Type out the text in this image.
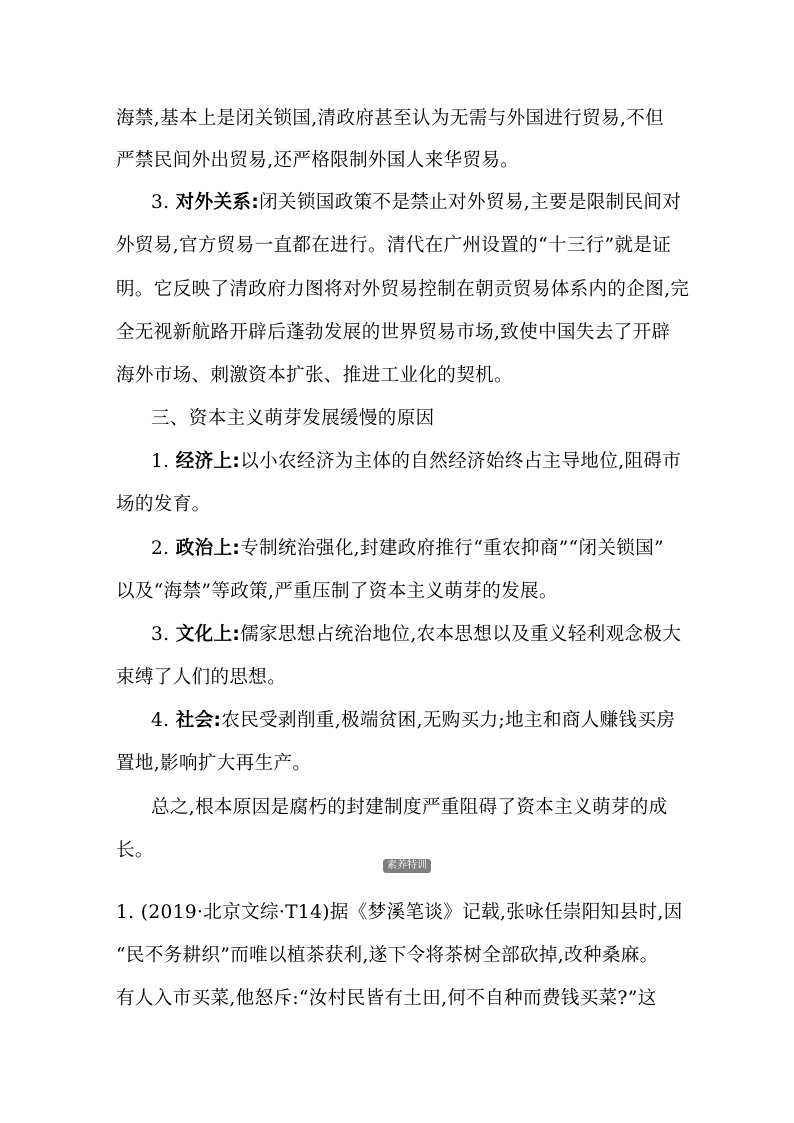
海禁,基本上是闭关锁国,清政府甚至认为无需与外国进行贸易,不但
严禁民间外出贸易,还严格限制外国人来华贸易。
3. 对外关系:闭关锁国政策不是禁止对外贸易,主要是限制民间对
外贸易,官方贸易一直都在进行。清代在广州设置的“十三行”就是证
明。它反映了清政府力图将对外贸易控制在朝贡贸易体系内的企图,完
全无视新航路开辟后蓬勃发展的世界贸易市场,致使中国失去了开辟
海外市场、刺激资本扩张、推进工业化的契机。
三、资本主义萌芽发展缓慢的原因
1. 经济上:以小农经济为主体的自然经济始终占主导地位,阻碍市
场的发育。
2. 政治上:专制统治强化,封建政府推行“重农抑商”“闭关锁国”
以及“海禁”等政策,严重压制了资本主义萌芽的发展。
3. 文化上:儒家思想占统治地位,农本思想以及重义轻利观念极大
束缚了人们的思想。
4. 社会:农民受剥削重,极端贫困,无购买力;地主和商人赚钱买房
置地,影响扩大再生产。
总之,根本原因是腐朽的封建制度严重阻碍了资本主义萌芽的成
长。
素养特训
1. (2019·北京文综·T14)据《梦溪笔谈》记载,张咏任崇阳知县时,因
“民不务耕织”而唯以植茶获利,遂下令将茶树全部砍掉,改种桑麻。
有人入市买菜,他怒斥:“汝村民皆有土田,何不自种而费钱买菜?”这
